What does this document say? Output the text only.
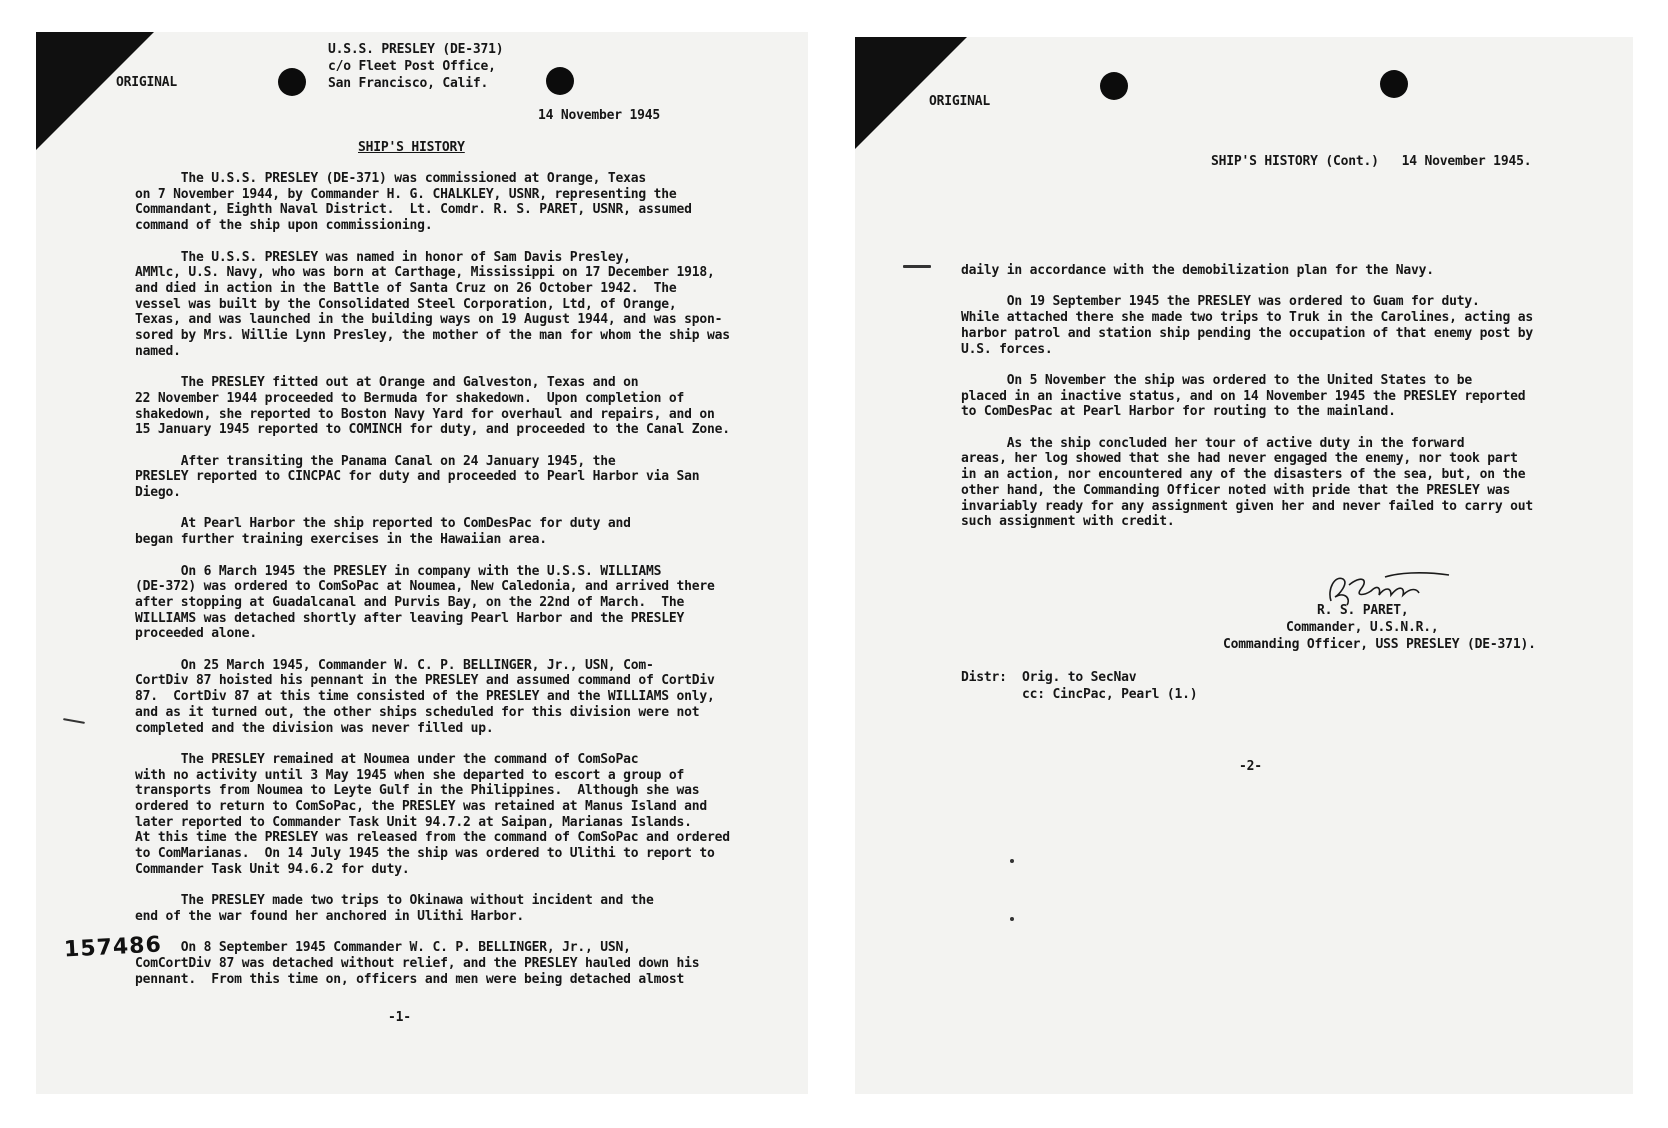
ORIGINAL
U.S.S. PRESLEY (DE-371)
c/o Fleet Post Office,
San Francisco, Calif.
14 November 1945
SHIP'S HISTORY
The U.S.S. PRESLEY (DE-371) was commissioned at Orange, Texas
on 7 November 1944, by Commander H. G. CHALKLEY, USNR, representing the
Commandant, Eighth Naval District.  Lt. Comdr. R. S. PARET, USNR, assumed
command of the ship upon commissioning.
The U.S.S. PRESLEY was named in honor of Sam Davis Presley,
AMMlc, U.S. Navy, who was born at Carthage, Mississippi on 17 December 1918,
and died in action in the Battle of Santa Cruz on 26 October 1942.  The
vessel was built by the Consolidated Steel Corporation, Ltd, of Orange,
Texas, and was launched in the building ways on 19 August 1944, and was spon-
sored by Mrs. Willie Lynn Presley, the mother of the man for whom the ship was
named.
The PRESLEY fitted out at Orange and Galveston, Texas and on
22 November 1944 proceeded to Bermuda for shakedown.  Upon completion of
shakedown, she reported to Boston Navy Yard for overhaul and repairs, and on
15 January 1945 reported to COMINCH for duty, and proceeded to the Canal Zone.
After transiting the Panama Canal on 24 January 1945, the
PRESLEY reported to CINCPAC for duty and proceeded to Pearl Harbor via San
Diego.
At Pearl Harbor the ship reported to ComDesPac for duty and
began further training exercises in the Hawaiian area.
On 6 March 1945 the PRESLEY in company with the U.S.S. WILLIAMS
(DE-372) was ordered to ComSoPac at Noumea, New Caledonia, and arrived there
after stopping at Guadalcanal and Purvis Bay, on the 22nd of March.  The
WILLIAMS was detached shortly after leaving Pearl Harbor and the PRESLEY
proceeded alone.
On 25 March 1945, Commander W. C. P. BELLINGER, Jr., USN, Com-
CortDiv 87 hoisted his pennant in the PRESLEY and assumed command of CortDiv
87.  CortDiv 87 at this time consisted of the PRESLEY and the WILLIAMS only,
and as it turned out, the other ships scheduled for this division were not
completed and the division was never filled up.
The PRESLEY remained at Noumea under the command of ComSoPac
with no activity until 3 May 1945 when she departed to escort a group of
transports from Noumea to Leyte Gulf in the Philippines.  Although she was
ordered to return to ComSoPac, the PRESLEY was retained at Manus Island and
later reported to Commander Task Unit 94.7.2 at Saipan, Marianas Islands.
At this time the PRESLEY was released from the command of ComSoPac and ordered
to ComMarianas.  On 14 July 1945 the ship was ordered to Ulithi to report to
Commander Task Unit 94.6.2 for duty.
The PRESLEY made two trips to Okinawa without incident and the
end of the war found her anchored in Ulithi Harbor.
On 8 September 1945 Commander W. C. P. BELLINGER, Jr., USN,
ComCortDiv 87 was detached without relief, and the PRESLEY hauled down his
pennant.  From this time on, officers and men were being detached almost
157486
-1-
ORIGINAL
SHIP'S HISTORY (Cont.)   14 November 1945.
daily in accordance with the demobilization plan for the Navy.
On 19 September 1945 the PRESLEY was ordered to Guam for duty.
While attached there she made two trips to Truk in the Carolines, acting as
harbor patrol and station ship pending the occupation of that enemy post by
U.S. forces.
On 5 November the ship was ordered to the United States to be
placed in an inactive status, and on 14 November 1945 the PRESLEY reported
to ComDesPac at Pearl Harbor for routing to the mainland.
As the ship concluded her tour of active duty in the forward
areas, her log showed that she had never engaged the enemy, nor took part
in an action, nor encountered any of the disasters of the sea, but, on the
other hand, the Commanding Officer noted with pride that the PRESLEY was
invariably ready for any assignment given her and never failed to carry out
such assignment with credit.
R. S. PARET,
Commander, U.S.N.R.,
Commanding Officer, USS PRESLEY (DE-371).
Distr:  Orig. to SecNav
cc: CincPac, Pearl (1.)
-2-
